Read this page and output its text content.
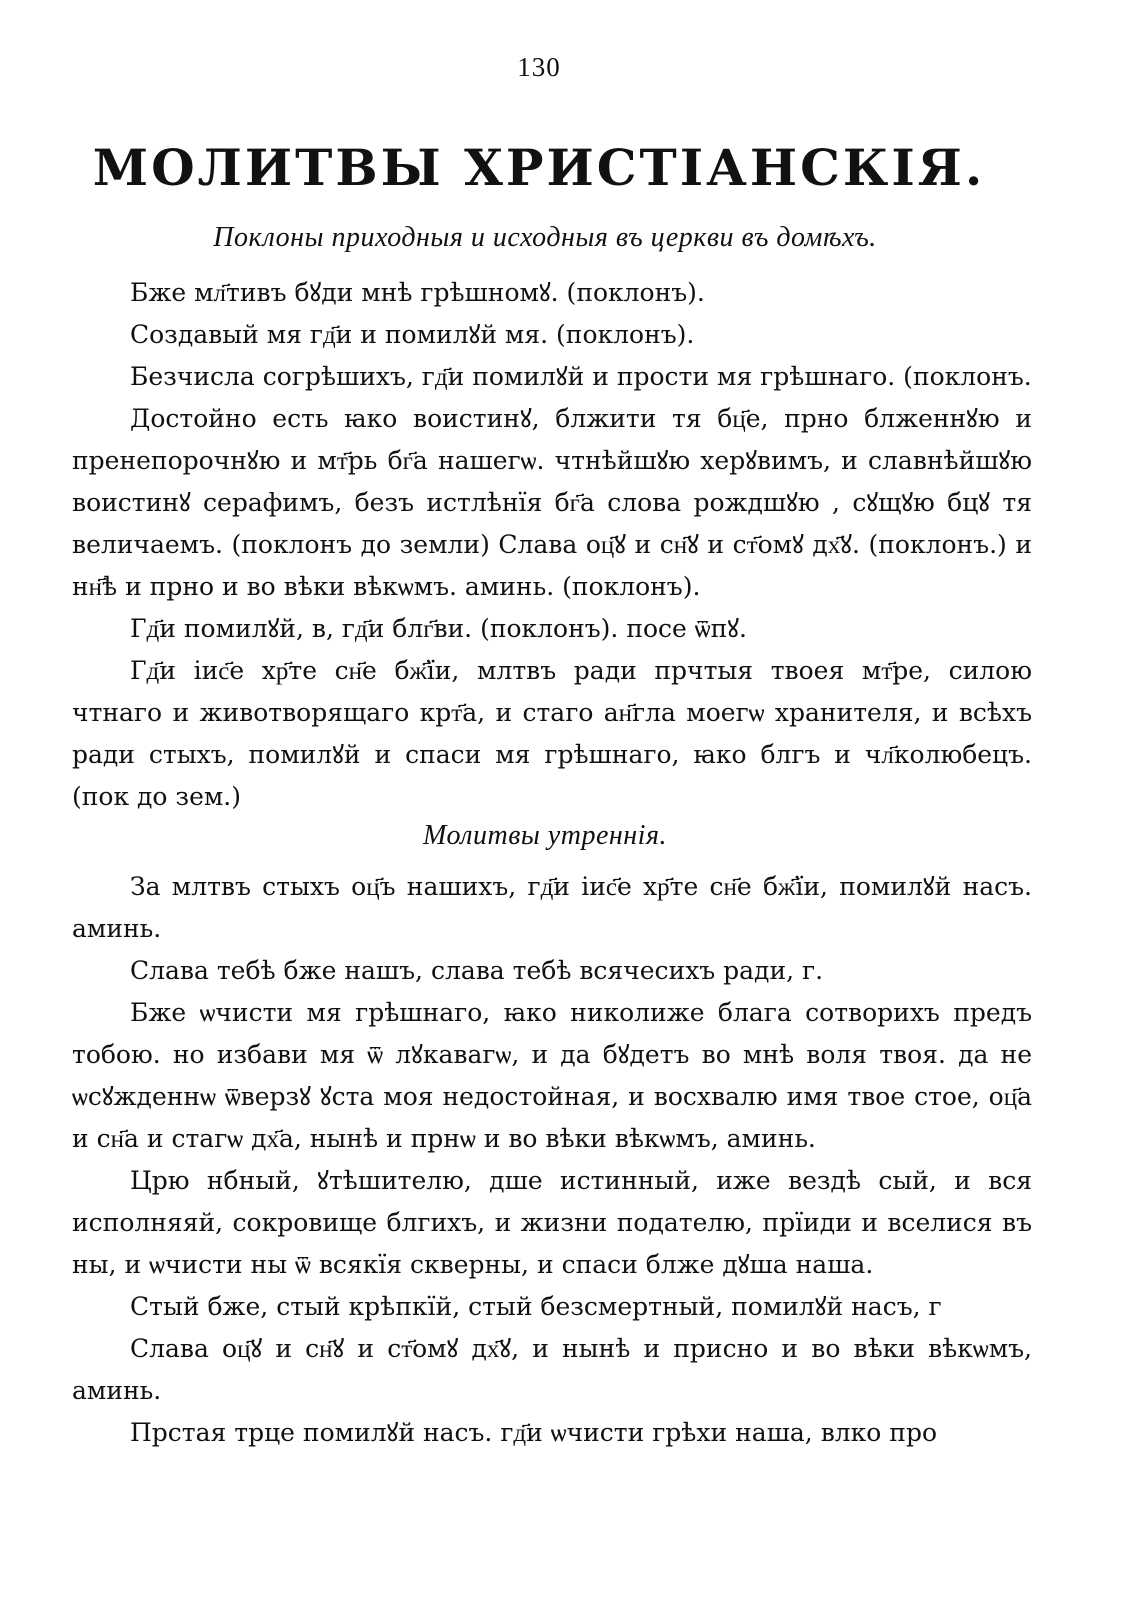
130
МОЛИТВЫ ХРИСТІАНСКІЯ.
Поклоны приходныя и исходныя въ церкви въ домѣхъ.

Бже мл҃тивъ бꙋди мнѣ грѣшномꙋ. (поклонъ).

Создавый мя гд҃и и помилꙋй мя. (поклонъ).

Безчисла согрѣшихъ, гд҃и помилꙋй и прости мя грѣшнаго. (поклонъ.

Достойно есть ꙗко воистинꙋ, блжити тя бц҃е, прно блженнꙋю и пренепорочнꙋю и мт҃рь бг҃а нашегѡ. чтнѣйшꙋю херꙋвимъ, и славнѣйшꙋю воистинꙋ серафимъ, безъ истлѣнїя бг҃а слова рождшꙋю , сꙋщꙋю бцꙋ тя величаемъ. (поклонъ до земли) Слава оц҃ꙋ и сн҃ꙋ и ст҃омꙋ дх҃ꙋ. (поклонъ.) и нн҃ѣ и прно и во вѣки вѣкѡмъ. аминь. (поклонъ).

Гд҃и помилꙋй, в, гд҃и блг҃ви. (поклонъ). посе ѿпꙋ.

Гд҃и іис҃е хр҃те сн҃е бж҃їи, млтвъ ради прчтыя твоея мт҃ре, силою чтнаго и животворящаго крт҃а, и стаго ан҃гла моегѡ хранителя, и всѣхъ ради стыхъ, помилꙋй и спаси мя грѣшнаго, ꙗко блгъ и чл҃колюбецъ. (пок до зем.)

Молитвы утреннія.

За млтвъ стыхъ оц҃ъ нашихъ, гд҃и іис҃е хр҃те сн҃е бж҃їи, помилꙋй насъ. аминь.

Слава тебѣ бже нашъ, слава тебѣ всячесихъ ради, г.

Бже ѡчисти мя грѣшнаго, ꙗко николиже блага сотворихъ предъ тобою. но избави мя ѿ лꙋкавагѡ, и да бꙋдетъ во мнѣ воля твоя. да не ѡсꙋжденнѡ ѿверзꙋ ꙋста моя недостойная, и восхвалю имя твое стое, оц҃а и сн҃а и стагѡ дх҃а, нынѣ и прнѡ и во вѣки вѣкѡмъ, аминь.

Црю нбный, ꙋтѣшителю, дше истинный, иже вездѣ сый, и вся исполняяй, сокровище блгихъ, и жизни подателю, прїиди и вселися въ ны, и ѡчисти ны ѿ всякїя скверны, и спаси блже дꙋша наша.

Стый бже, стый крѣпкїй, стый безсмертный, помилꙋй насъ, г

Слава оц҃ꙋ и сн҃ꙋ и ст҃омꙋ дх҃ꙋ, и нынѣ и присно и во вѣки вѣкѡмъ, аминь.

Прстая трце помилꙋй насъ. гд҃и ѡчисти грѣхи наша, влко про
